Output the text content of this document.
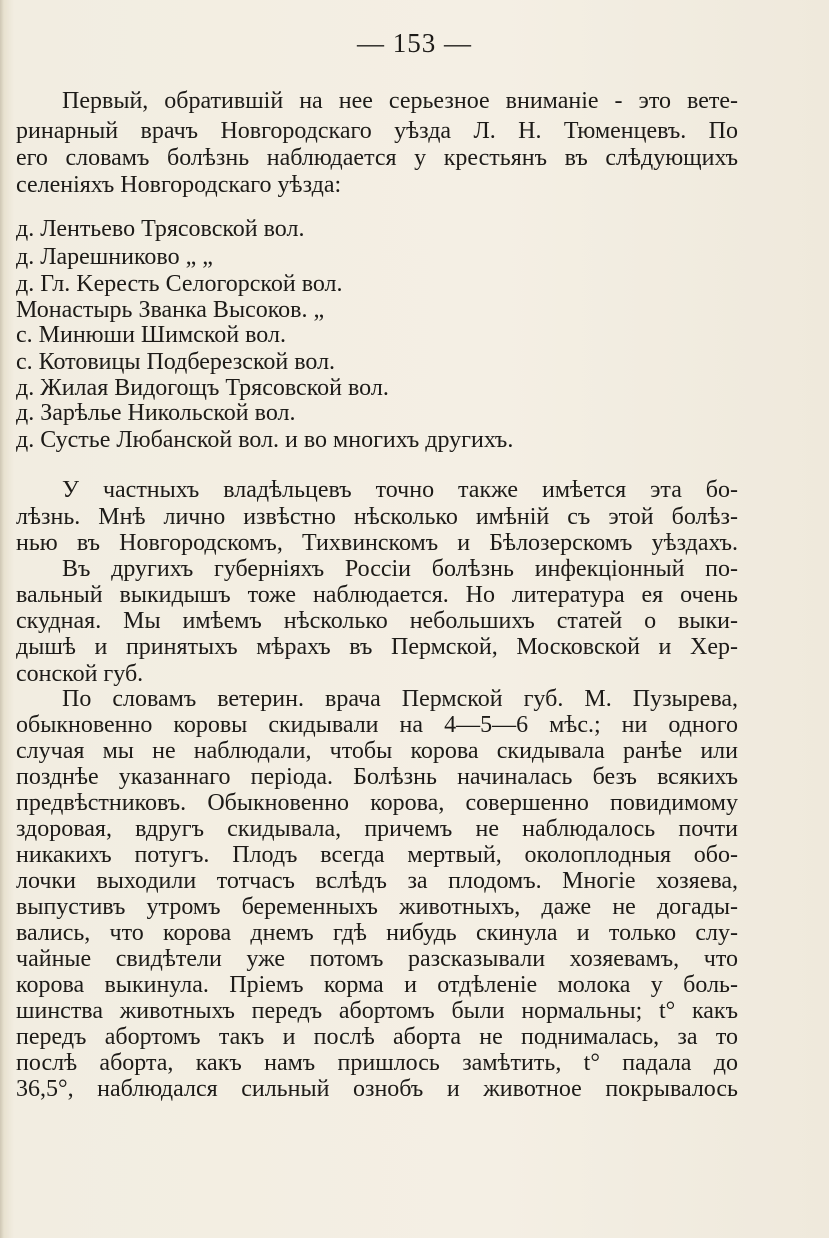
— 153 —
Первый, обратившій на нее серьезное вниманіе - это вете-
ринарный врачъ Новгородскаго уѣзда Л. Н. Тюменцевъ. По
его словамъ болѣзнь наблюдается у крестьянъ въ слѣдующихъ
селеніяхъ Новгородскаго уѣзда:
д. Лентьево Трясовской вол.
д. Ларешниково „ „
д. Гл. Kересть Селогорской вол.
Монастырь Званка Высоков. „
с. Минюши Шимской вол.
с. Котовицы Подберезской вол.
д. Жилая Видогощъ Трясовской вол.
д. Зарѣлье Никольской вол.
д. Сустье Любанской вол. и во многихъ другихъ.
У частныхъ владѣльцевъ точно также имѣется эта бо-
лѣзнь. Мнѣ лично извѣстно нѣсколько имѣній съ этой болѣз-
нью въ Новгородскомъ, Тихвинскомъ и Бѣлозерскомъ уѣздахъ.
Въ другихъ губерніяхъ Россіи болѣзнь инфекціонный по-
вальный выкидышъ тоже наблюдается. Но литература ея очень
скудная. Мы имѣемъ нѣсколько небольшихъ статей о выки-
дышѣ и принятыхъ мѣрахъ въ Пермской, Московской и Хер-
сонской губ.
По словамъ ветерин. врача Пермской губ. М. Пузырева,
обыкновенно коровы скидывали на 4—5—6 мѣс.; ни одного
случая мы не наблюдали, чтобы корова скидывала ранѣе или
позднѣе указаннаго періода. Болѣзнь начиналась безъ всякихъ
предвѣстниковъ. Обыкновенно корова, совершенно повидимому
здоровая, вдругъ скидывала, причемъ не наблюдалось почти
никакихъ потугъ. Плодъ всегда мертвый, околоплодныя обо-
лочки выходили тотчасъ вслѣдъ за плодомъ. Многіе хозяева,
выпустивъ утромъ беременныхъ животныхъ, даже не догады-
вались, что корова днемъ гдѣ нибудь скинула и только слу-
чайные свидѣтели уже потомъ разсказывали хозяевамъ, что
корова выкинула. Пріемъ корма и отдѣленіе молока у боль-
шинства животныхъ передъ абортомъ были нормальны; t° какъ
передъ абортомъ такъ и послѣ аборта не поднималась, за то
послѣ аборта, какъ намъ пришлось замѣтить, t° падала до
36,5°, наблюдался сильный ознобъ и животное покрывалось
